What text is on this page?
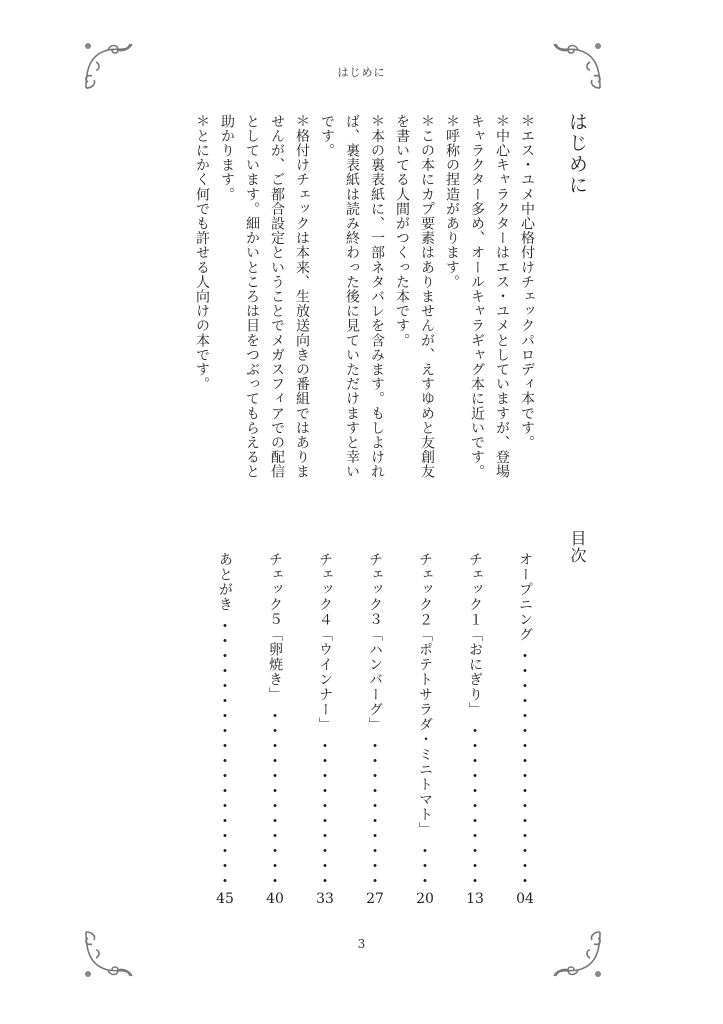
はじめに
はじめに
＊エス・ユメ中心格付けチェックパロディ本です。
＊中心キャラクターはエス・ユメとしていますが、登場
キャラクター多め、オールキャラギャグ本に近いです。
＊呼称の捏造があります。
＊この本にカプ要素はありませんが、えすゆめと友創友
を書いてる人間がつくった本です。
＊本の裏表紙に、一部ネタバレを含みます。もしよけれ
ば、裏表紙は読み終わった後に見ていただけますと幸い
です。
＊格付けチェックは本来、生放送向きの番組ではありま
せんが、ご都合設定ということでメガスフィアでの配信
としています。細かいところは目をつぶってもらえると
助かります。
＊とにかく何でも許せる人向けの本です。
目次
オープニング
04
チェック１「おにぎり」
13
チェック２「ポテトサラダ・ミニトマト」
20
チェック３「ハンバーグ」
27
チェック４「ウインナー」
33
チェック５「卵焼き」
40
あとがき
45
3
